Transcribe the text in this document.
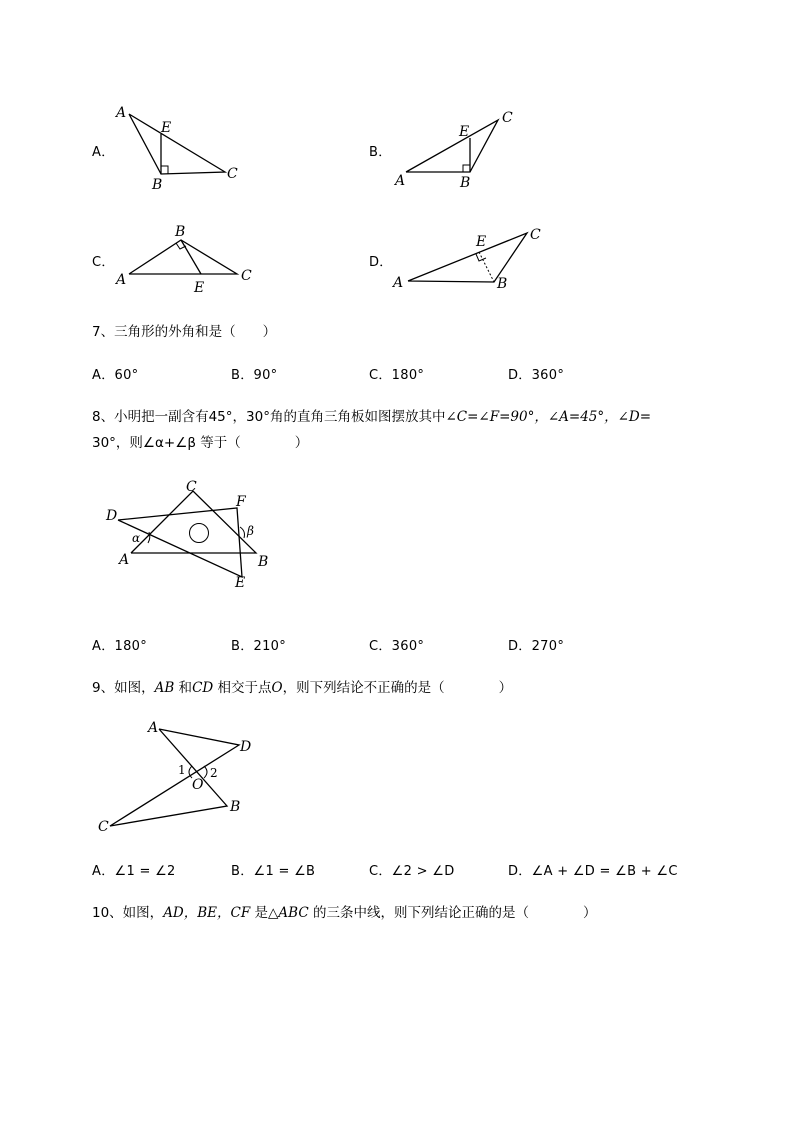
A．
A
E
B
C
B．
E
C
A	B
C．
B
A	C
E
D．
E	C
A	B
7、三角形的外角和是（　　）
A．60°	B．90°	C．180°	D．360°
8、小明把一副含有45°，30°角的直角三角板如图摆放其中∠C=∠F=90°，∠A=45°，∠D=
30°，则∠α+∠β 等于（　　　　）
C
F
D
α	β
A	B
E
A．180°	B．210°	C．360°	D．270°
9、如图，AB 和CD 相交于点O，则下列结论不正确的是（　　　　）
A
D
1 2
O
B
C
A．∠1 = ∠2	B．∠1 = ∠B	C．∠2 > ∠D	D．∠A + ∠D = ∠B + ∠C
10、如图，AD，BE，CF 是△ABC 的三条中线，则下列结论正确的是（　　　　）
